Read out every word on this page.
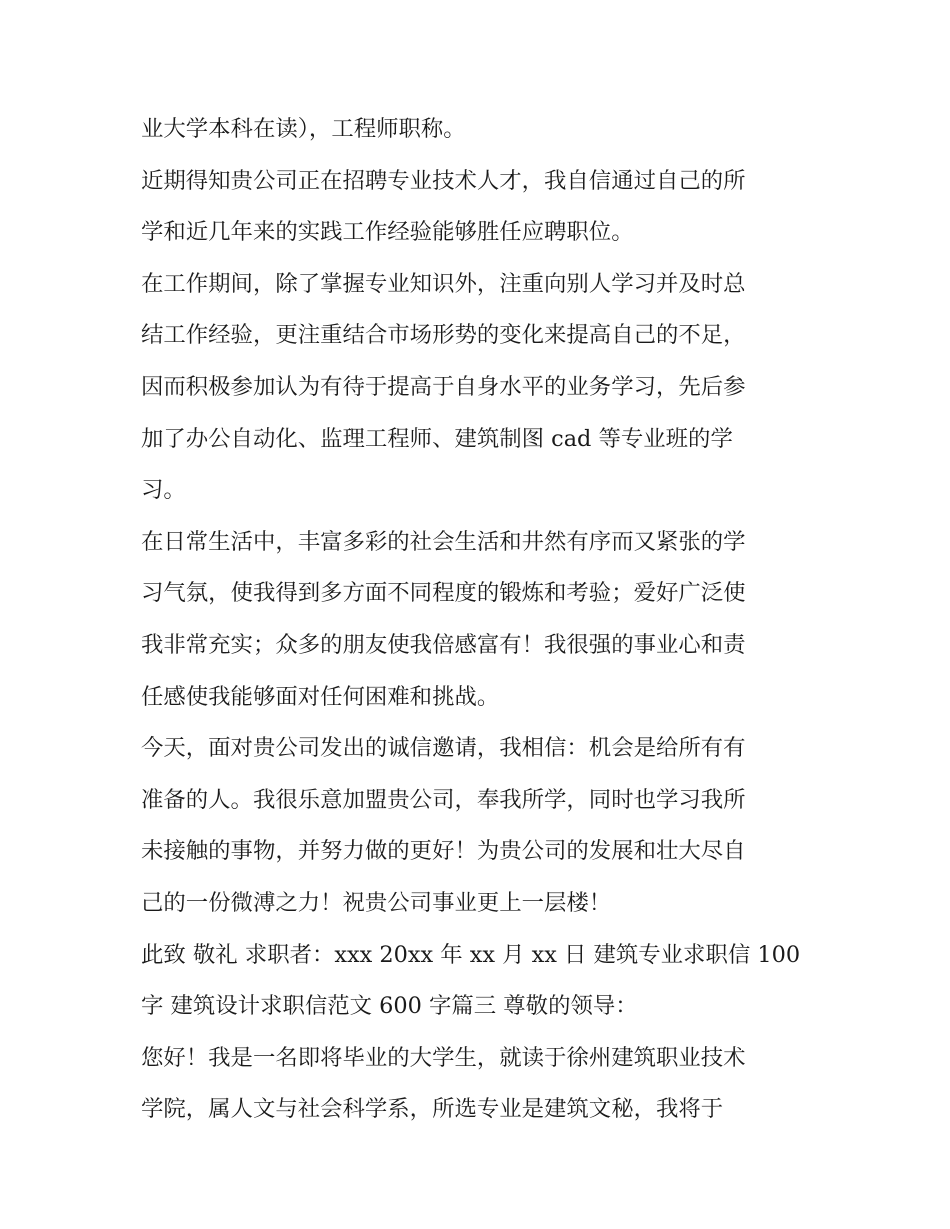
业大学本科在读），工程师职称。
近期得知贵公司正在招聘专业技术人才，我自信通过自己的所
学和近几年来的实践工作经验能够胜任应聘职位。
在工作期间，除了掌握专业知识外，注重向别人学习并及时总
结工作经验，更注重结合市场形势的变化来提高自己的不足，
因而积极参加认为有待于提高于自身水平的业务学习，先后参
加了办公自动化、监理工程师、建筑制图 cad 等专业班的学
习。
在日常生活中，丰富多彩的社会生活和井然有序而又紧张的学
习气氛，使我得到多方面不同程度的锻炼和考验；爱好广泛使
我非常充实；众多的朋友使我倍感富有！我很强的事业心和责
任感使我能够面对任何困难和挑战。
今天，面对贵公司发出的诚信邀请，我相信：机会是给所有有
准备的人。我很乐意加盟贵公司，奉我所学，同时也学习我所
未接触的事物，并努力做的更好！为贵公司的发展和壮大尽自
己的一份微溥之力！祝贵公司事业更上一层楼！
此致 敬礼 求职者：xxx 20xx 年 xx 月 xx 日 建筑专业求职信 100
字 建筑设计求职信范文 600 字篇三 尊敬的领导：
您好！我是一名即将毕业的大学生，就读于徐州建筑职业技术
学院，属人文与社会科学系，所选专业是建筑文秘，我将于
